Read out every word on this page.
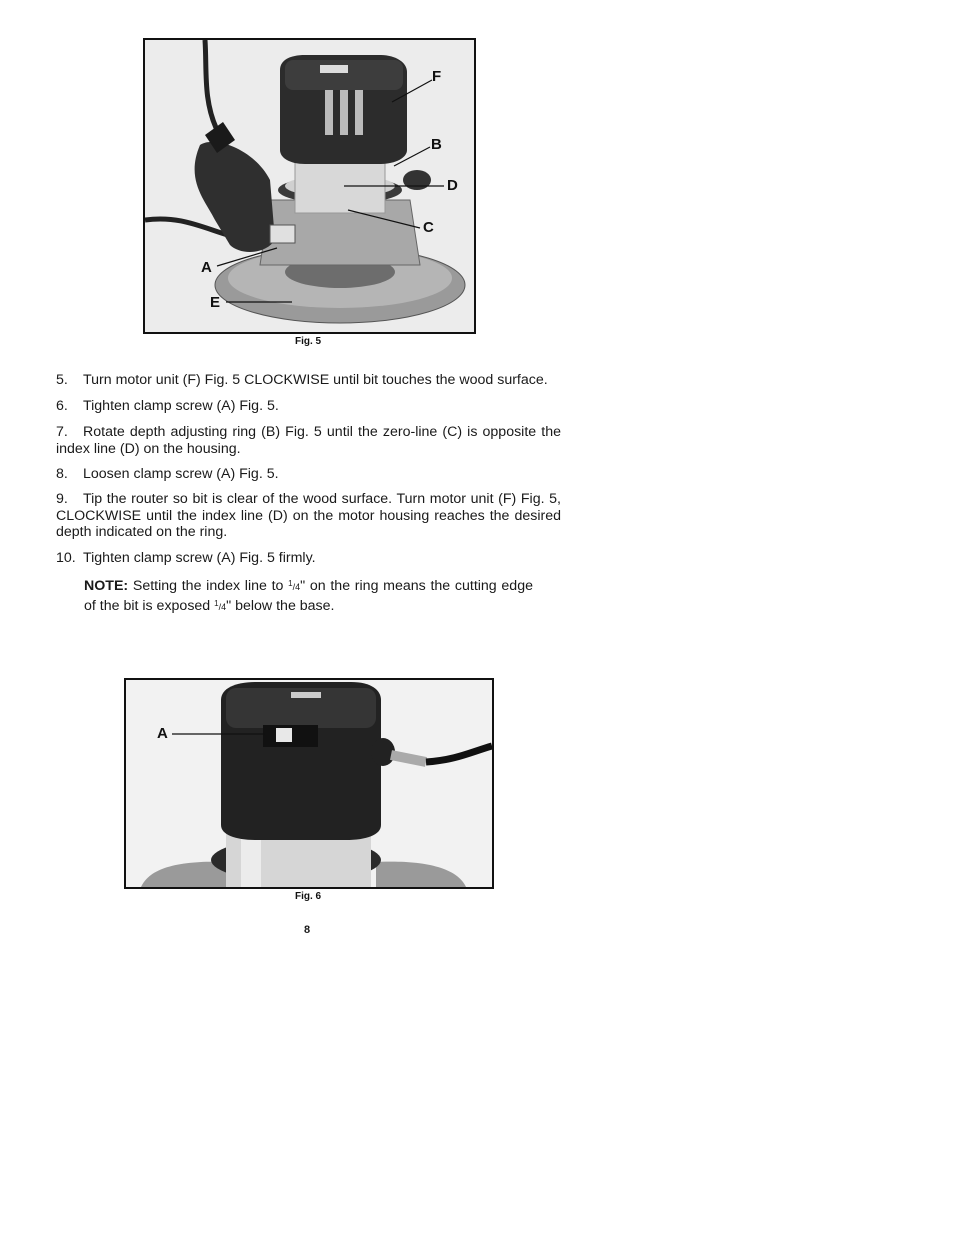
F
B
D
C
A
E
Fig. 5
5. Turn motor unit (F) Fig. 5 CLOCKWISE until bit touches the wood surface.
6. Tighten clamp screw (A) Fig. 5.
7. Rotate depth adjusting ring (B) Fig. 5 until the zero-line (C) is opposite the index line (D) on the housing.
8. Loosen clamp screw (A) Fig. 5.
9. Tip the router so bit is clear of the wood surface. Turn motor unit (F) Fig. 5, CLOCKWISE until the index line (D) on the motor housing reaches the desired depth indicated on the ring.
10. Tighten clamp screw (A) Fig. 5 firmly.
NOTE: Setting the index line to $^1$/4" on the ring means the cutting edge of the bit is exposed $^1$/4" below the base.
A
Fig. 6
8
